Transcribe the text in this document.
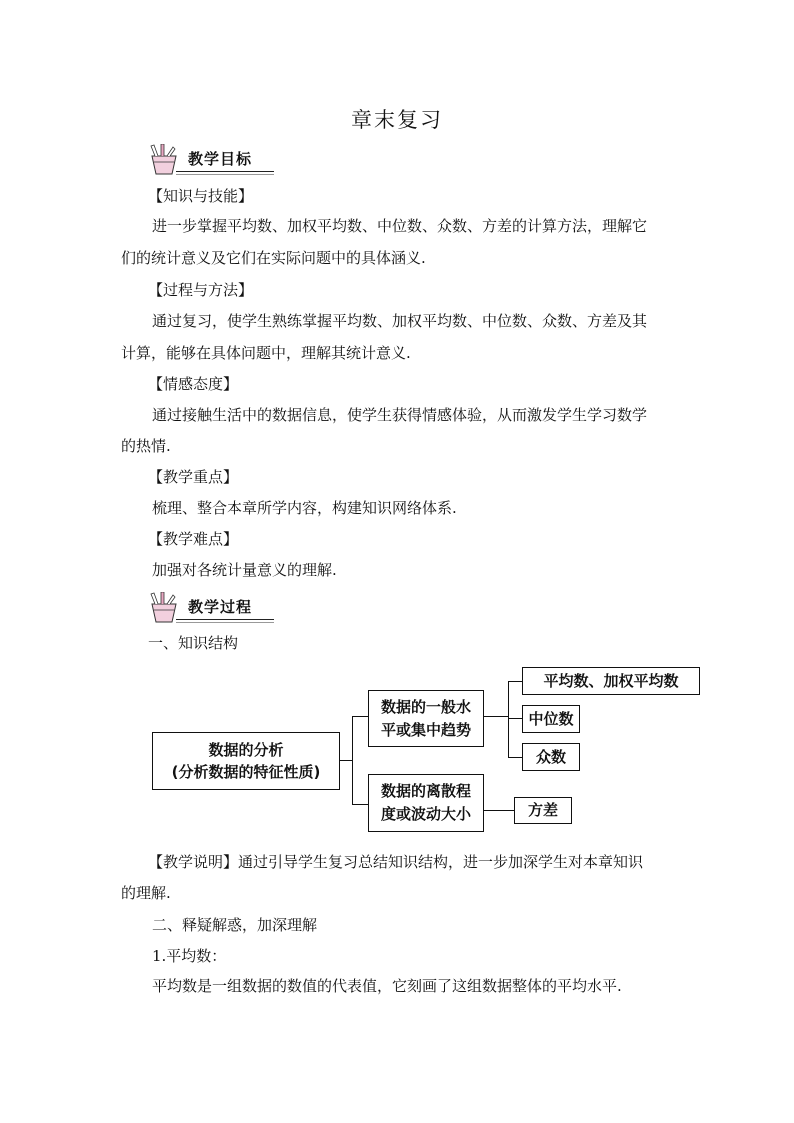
章末复习
教学目标
【知识与技能】
进一步掌握平均数、加权平均数、中位数、众数、方差的计算方法，理解它
们的统计意义及它们在实际问题中的具体涵义.
【过程与方法】
通过复习，使学生熟练掌握平均数、加权平均数、中位数、众数、方差及其
计算，能够在具体问题中，理解其统计意义.
【情感态度】
通过接触生活中的数据信息，使学生获得情感体验，从而激发学生学习数学
的热情.
【教学重点】
梳理、整合本章所学内容，构建知识网络体系.
【教学难点】
加强对各统计量意义的理解.
教学过程
一、知识结构
数据的分析
(分析数据的特征性质)
数据的一般水
平或集中趋势
数据的离散程
度或波动大小
平均数、加权平均数
中位数
众数
方差
【教学说明】通过引导学生复习总结知识结构，进一步加深学生对本章知识
的理解.
二、释疑解惑，加深理解
1.平均数：
平均数是一组数据的数值的代表值，它刻画了这组数据整体的平均水平.
